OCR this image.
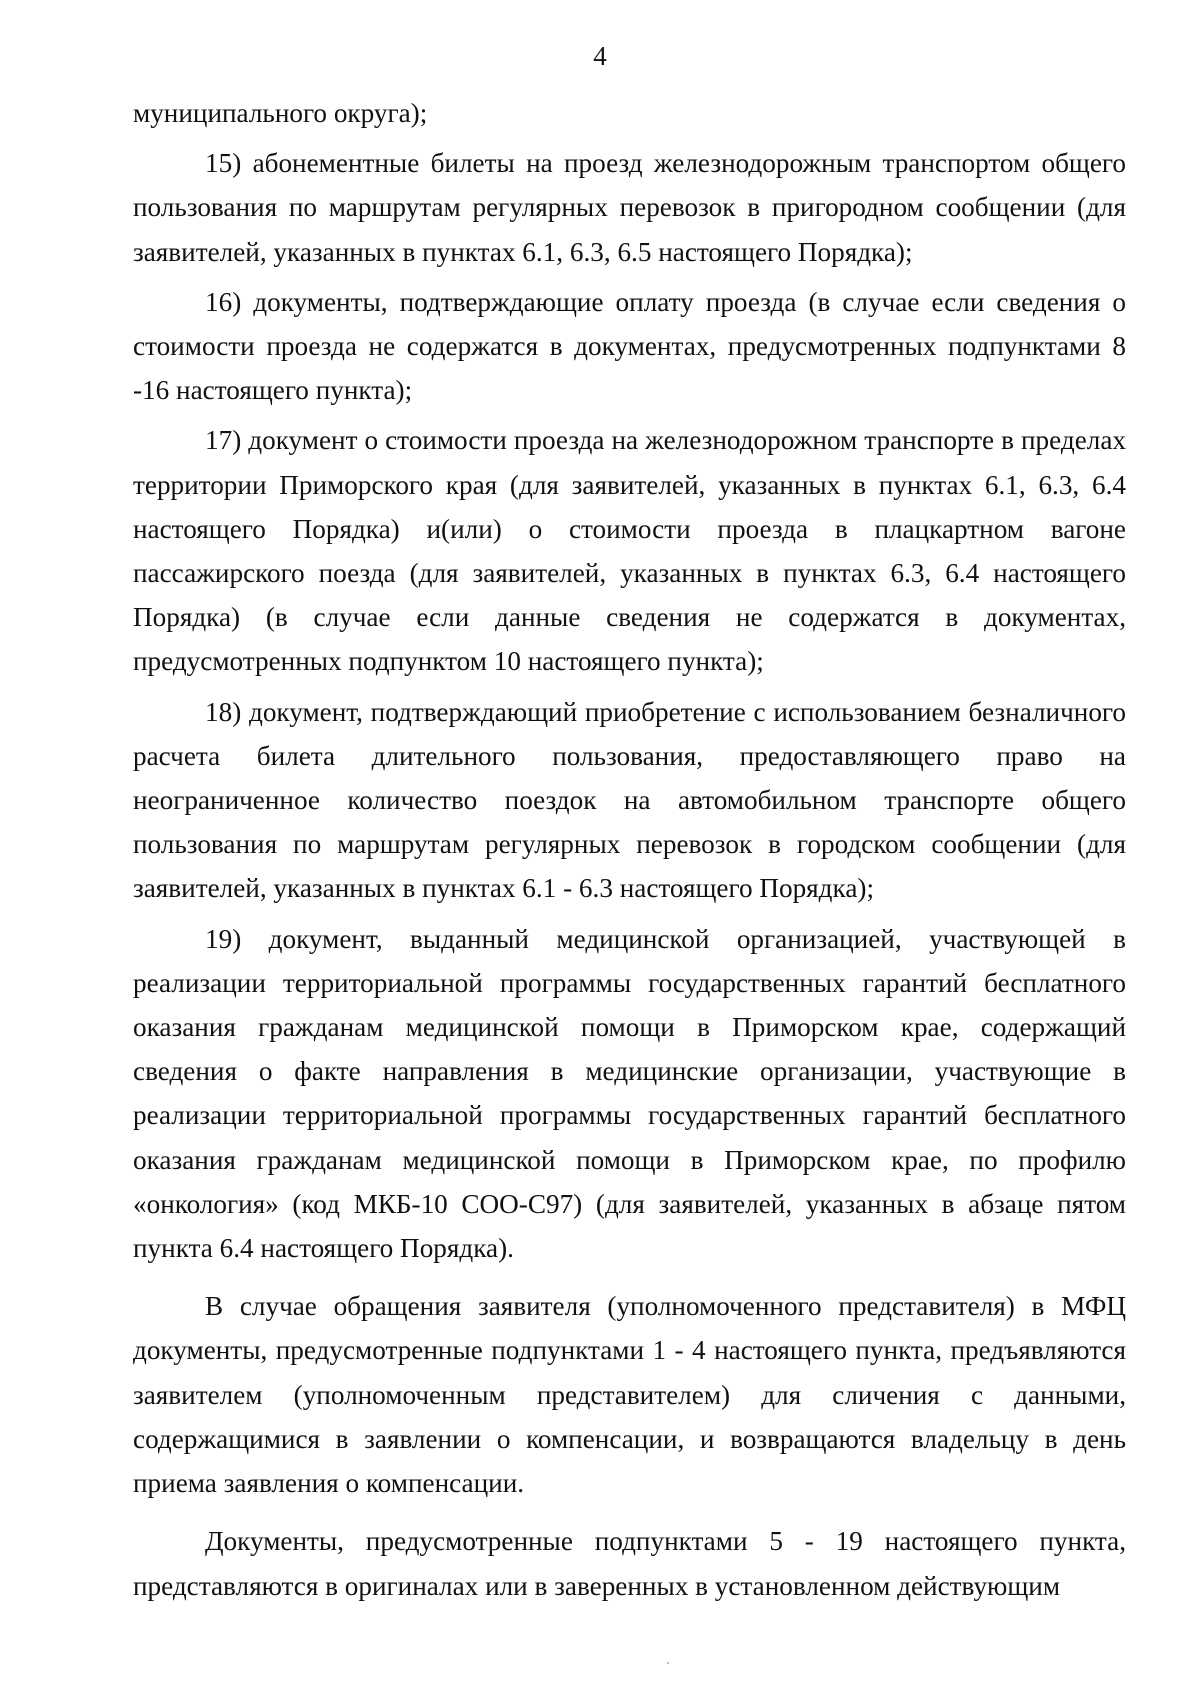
4

муниципального округа);

15) абонементные билеты на проезд железнодорожным транспортом общего пользования по маршрутам регулярных перевозок в пригородном сообщении (для заявителей, указанных в пунктах 6.1, 6.3, 6.5 настоящего Порядка);

16) документы, подтверждающие оплату проезда (в случае если сведения о стоимости проезда не содержатся в документах, предусмотренных подпунктами 8 -16 настоящего пункта);

17) документ о стоимости проезда на железнодорожном транспорте в пределах территории Приморского края (для заявителей, указанных в пунктах 6.1, 6.3, 6.4 настоящего Порядка) и(или) о стоимости проезда в плацкартном вагоне пассажирского поезда (для заявителей, указанных в пунктах 6.3, 6.4 настоящего Порядка) (в случае если данные сведения не содержатся в документах, предусмотренных подпунктом 10 настоящего пункта);

18) документ, подтверждающий приобретение с использованием безналичного расчета билета длительного пользования, предоставляющего право на неограниченное количество поездок на автомобильном транспорте общего пользования по маршрутам регулярных перевозок в городском сообщении (для заявителей, указанных в пунктах 6.1 - 6.3 настоящего Порядка);

19) документ, выданный медицинской организацией, участвующей в реализации территориальной программы государственных гарантий бесплатного оказания гражданам медицинской помощи в Приморском крае, содержащий сведения о факте направления в медицинские организации, участвующие в реализации территориальной программы государственных гарантий бесплатного оказания гражданам медицинской помощи в Приморском крае, по профилю «онкология» (код МКБ-10 СОО-С97) (для заявителей, указанных в абзаце пятом пункта 6.4 настоящего Порядка).

В случае обращения заявителя (уполномоченного представителя) в МФЦ документы, предусмотренные подпунктами 1 - 4 настоящего пункта, предъявляются заявителем (уполномоченным представителем) для сличения с данными, содержащимися в заявлении о компенсации, и возвращаются владельцу в день приема заявления о компенсации.

Документы, предусмотренные подпунктами 5 - 19 настоящего пункта, представляются в оригиналах или в заверенных в установленном действующим
